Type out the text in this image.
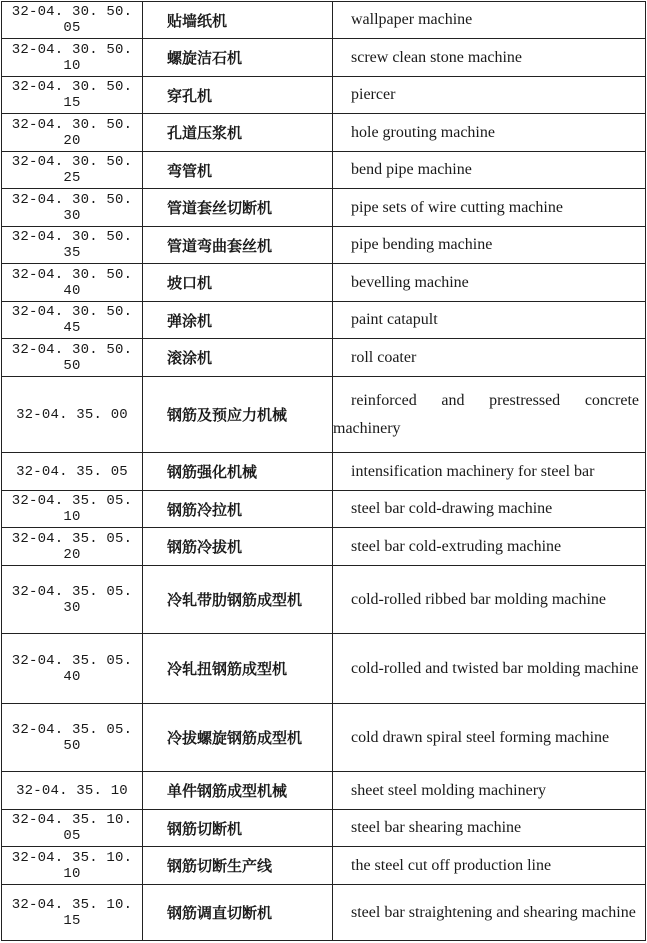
32-04. 30. 50. 05	贴墙纸机	wallpaper machine
32-04. 30. 50. 10	螺旋洁石机	screw clean stone machine
32-04. 30. 50. 15	穿孔机	piercer
32-04. 30. 50. 20	孔道压浆机	hole grouting machine
32-04. 30. 50. 25	弯管机	bend pipe machine
32-04. 30. 50. 30	管道套丝切断机	pipe sets of wire cutting machine
32-04. 30. 50. 35	管道弯曲套丝机	pipe bending machine
32-04. 30. 50. 40	坡口机	bevelling machine
32-04. 30. 50. 45	弹涂机	paint catapult
32-04. 30. 50. 50	滚涂机	roll coater
32-04. 35. 00	钢筋及预应力机械	reinforced and prestressed concrete machinery
32-04. 35. 05	钢筋强化机械	intensification machinery for steel bar
32-04. 35. 05. 10	钢筋冷拉机	steel bar cold-drawing machine
32-04. 35. 05. 20	钢筋冷拔机	steel bar cold-extruding machine
32-04. 35. 05. 30	冷轧带肋钢筋成型机	cold-rolled ribbed bar molding machine
32-04. 35. 05. 40	冷轧扭钢筋成型机	cold-rolled and twisted bar molding machine
32-04. 35. 05. 50	冷拔螺旋钢筋成型机	cold drawn spiral steel forming machine
32-04. 35. 10	单件钢筋成型机械	sheet steel molding machinery
32-04. 35. 10. 05	钢筋切断机	steel bar shearing machine
32-04. 35. 10. 10	钢筋切断生产线	the steel cut off production line
32-04. 35. 10. 15	钢筋调直切断机	steel bar straightening and shearing machine
